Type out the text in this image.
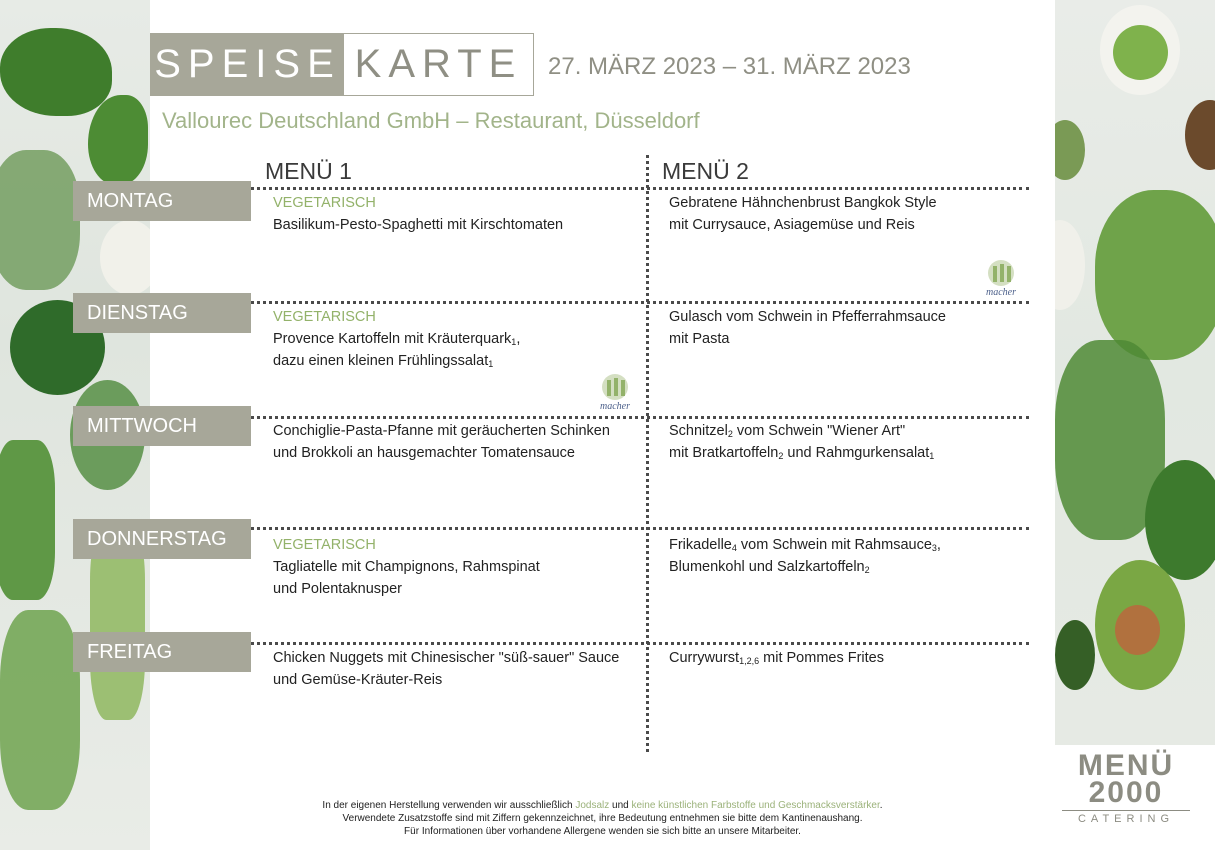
SPEISE KARTE	27. MÄRZ 2023 – 31. MÄRZ 2023
Vallourec Deutschland GmbH – Restaurant, Düsseldorf
MENÜ 1	MENÜ 2
MONTAG
DIENSTAG
MITTWOCH
DONNERSTAG
FREITAG
VEGETARISCH
Basilikum-Pesto-Spaghetti mit Kirschtomaten
Gebratene Hähnchenbrust Bangkok Style
mit Currysauce, Asiagemüse und Reis
VEGETARISCH
Provence Kartoffeln mit Kräuterquark$_1$,
dazu einen kleinen Frühlingssalat$_1$
Gulasch vom Schwein in Pfefferrahmsauce
mit Pasta
Conchiglie-Pasta-Pfanne mit geräucherten Schinken
und Brokkoli an hausgemachter Tomatensauce
Schnitzel$_2$ vom Schwein "Wiener Art"
mit Bratkartoffeln$_2$ und Rahmgurkensalat$_1$
VEGETARISCH
Tagliatelle mit Champignons, Rahmspinat
und Polentaknusper
Frikadelle$_4$ vom Schwein mit Rahmsauce$_3$,
Blumenkohl und Salzkartoffeln$_2$
Chicken Nuggets mit Chinesischer "süß-sauer" Sauce
und Gemüse-Kräuter-Reis
Currywurst$_{1,2,6}$ mit Pommes Frites
macher
macher
In der eigenen Herstellung verwenden wir ausschließlich Jodsalz und keine künstlichen Farbstoffe und Geschmacksverstärker.
Verwendete Zusatzstoffe sind mit Ziffern gekennzeichnet, ihre Bedeutung entnehmen sie bitte dem Kantinenaushang.
Für Informationen über vorhandene Allergene wenden sie sich bitte an unsere Mitarbeiter.
MENÜ
2000
CATERING
